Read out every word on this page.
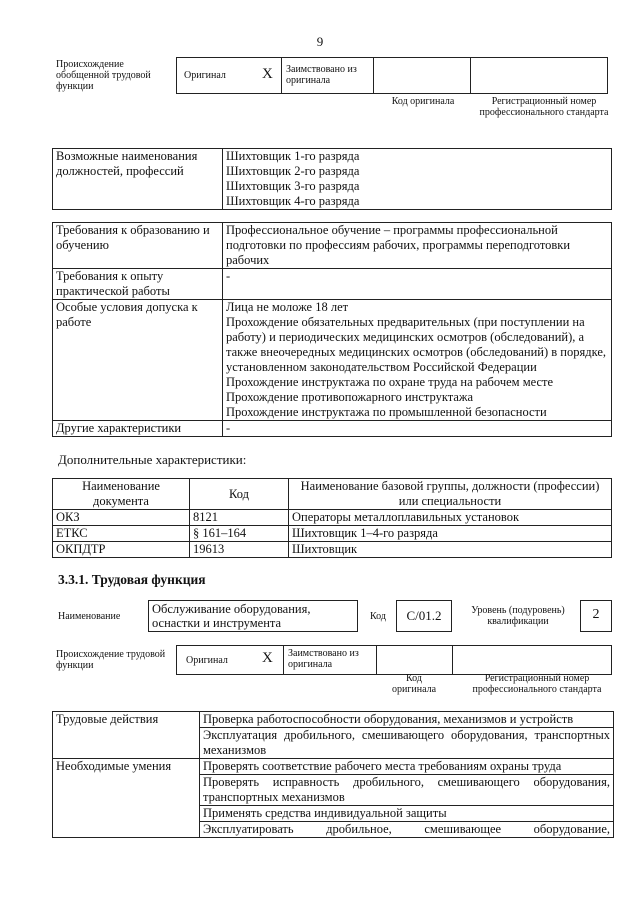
9
Происхождение обобщенной трудовой функции
Оригинал X Заимствовано из оригинала
Код оригинала	Регистрационный номер профессионального стандарта
Возможные наименования должностей, профессий	Шихтовщик 1-го разряда
Шихтовщик 2-го разряда
Шихтовщик 3-го разряда
Шихтовщик 4-го разряда
Требования к образованию и обучению	Профессиональное обучение – программы профессиональной подготовки по профессиям рабочих, программы переподготовки рабочих
Требования к опыту практической работы	-
Особые условия допуска к работе	Лица не моложе 18 лет
Прохождение обязательных предварительных (при поступлении на работу) и периодических медицинских осмотров (обследований), а также внеочередных медицинских осмотров (обследований) в порядке, установленном законодательством Российской Федерации
Прохождение инструктажа по охране труда на рабочем месте
Прохождение противопожарного инструктажа
Прохождение инструктажа по промышленной безопасности
Другие характеристики	-
Дополнительные характеристики:
Наименование документа	Код	Наименование базовой группы, должности (профессии) или специальности
ОКЗ	8121	Операторы металлоплавильных установок
ЕТКС	§ 161–164	Шихтовщик 1–4-го разряда
ОКПДТР	19613	Шихтовщик
3.3.1. Трудовая функция
Наименование
Обслуживание оборудования, оснастки и инструмента	Код	C/01.2	Уровень (подуровень) квалификации	2
Происхождение трудовой функции	Оригинал X Заимствовано из оригинала
Код оригинала
Регистрационный номер профессионального стандарта
Трудовые действия	Проверка работоспособности оборудования, механизмов и устройств
	Эксплуатация дробильного, смешивающего оборудования, транспортных механизмов
Необходимые умения	Проверять соответствие рабочего места требованиям охраны труда
	Проверять исправность дробильного, смешивающего оборудования, транспортных механизмов
	Применять средства индивидуальной защиты
	Эксплуатировать дробильное, смешивающее оборудование,
